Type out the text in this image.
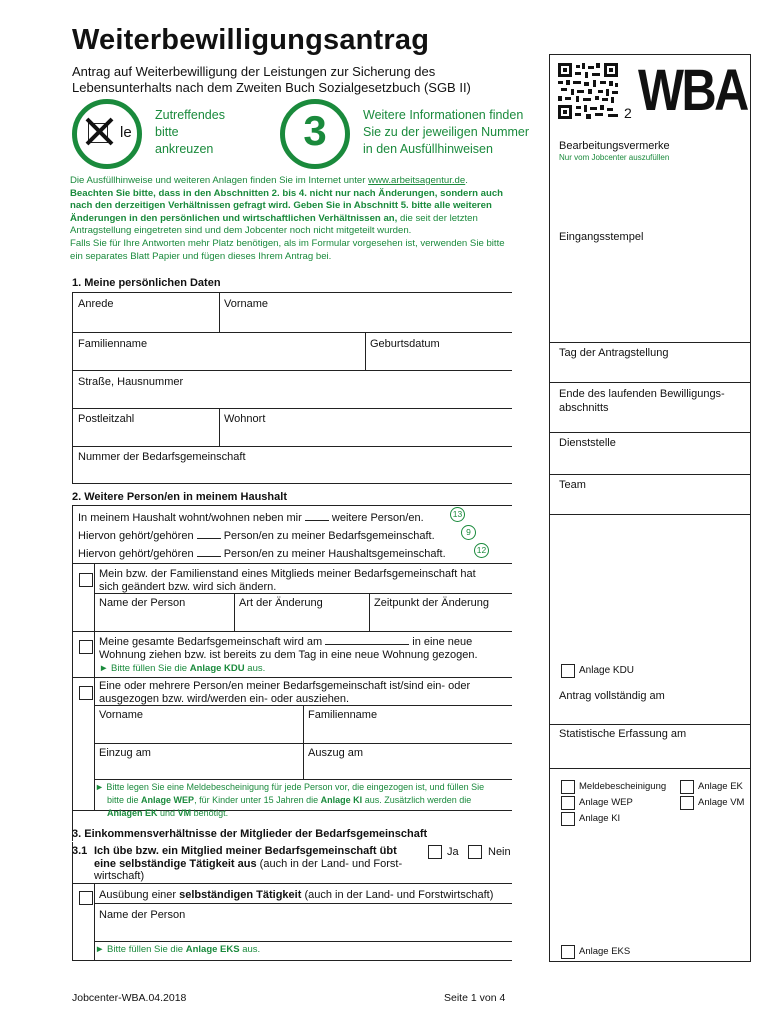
Weiterbewilligungsantrag
Antrag auf Weiterbewilligung der Leistungen zur Sicherung des
Lebensunterhalts nach dem Zweiten Buch Sozialgesetzbuch (SGB II)
le
Zutreffendes
bitte
ankreuzen	3	Weitere Informationen finden
Sie zu der jeweiligen Nummer
in den Ausfüllhinweisen
Die Ausfüllhinweise und weiteren Anlagen finden Sie im Internet unter www.arbeitsagentur.de.
Beachten Sie bitte, dass in den Abschnitten 2. bis 4. nicht nur nach Änderungen, sondern auch nach den derzeitigen Verhältnissen gefragt wird. Geben Sie in Abschnitt 5. bitte alle weiteren Änderungen in den persönlichen und wirtschaftlichen Verhältnissen an, die seit der letzten Antragstellung eingetreten sind und dem Jobcenter noch nicht mitgeteilt wurden.
Falls Sie für Ihre Antworten mehr Platz benötigen, als im Formular vorgesehen ist, verwenden Sie bitte ein separates Blatt Papier und fügen dieses Ihrem Antrag bei.
1. Meine persönlichen Daten
Anrede	Vorname
Familienname	Geburtsdatum
Straße, Hausnummer
Postleitzahl	Wohnort
Nummer der Bedarfsgemeinschaft
2. Weitere Person/en in meinem Haushalt
In meinem Haushalt wohnt/wohnen neben mir	weitere Person/en.	13
Hiervon gehört/gehören	Person/en zu meiner Bedarfsgemeinschaft.	9
Hiervon gehört/gehören	Person/en zu meiner Haushaltsgemeinschaft.	12
Mein bzw. der Familienstand eines Mitglieds meiner Bedarfsgemeinschaft hat
sich geändert bzw. wird sich ändern.
Name der Person	Art der Änderung	Zeitpunkt der Änderung
Meine gesamte Bedarfsgemeinschaft wird am	in eine neue
Wohnung ziehen bzw. ist bereits zu dem Tag in eine neue Wohnung gezogen.
► Bitte füllen Sie die Anlage KDU aus.
Eine oder mehrere Person/en meiner Bedarfsgemeinschaft ist/sind ein- oder
ausgezogen bzw. wird/werden ein- oder ausziehen.
Vorname	Familienname
Einzug am	Auszug am
► Bitte legen Sie eine Meldebescheinigung für jede Person vor, die eingezogen ist, und füllen Sie
bitte die Anlage WEP, für Kinder unter 15 Jahren die Anlage KI aus. Zusätzlich werden die
Anlagen EK und VM benötigt.
3. Einkommensverhältnisse der Mitglieder der Bedarfsgemeinschaft
3.1 Ich übe bzw. ein Mitglied meiner Bedarfsgemeinschaft übt
eine selbständige Tätigkeit aus (auch in der Land- und Forst-
wirtschaft)
Ja	Nein
Ausübung einer selbständigen Tätigkeit (auch in der Land- und Forstwirtschaft)
Name der Person
► Bitte füllen Sie die Anlage EKS aus.
2 WBA
Bearbeitungsvermerke
Nur vom Jobcenter auszufüllen
Eingangsstempel
Tag der Antragstellung
Ende des laufenden Bewilligungs-
abschnitts
Dienststelle
Team
Anlage KDU
Antrag vollständig am
Statistische Erfassung am
Meldebescheinigung	Anlage EK
Anlage WEP	Anlage VM
Anlage KI
Anlage EKS
Jobcenter-WBA.04.2018	Seite 1 von 4
